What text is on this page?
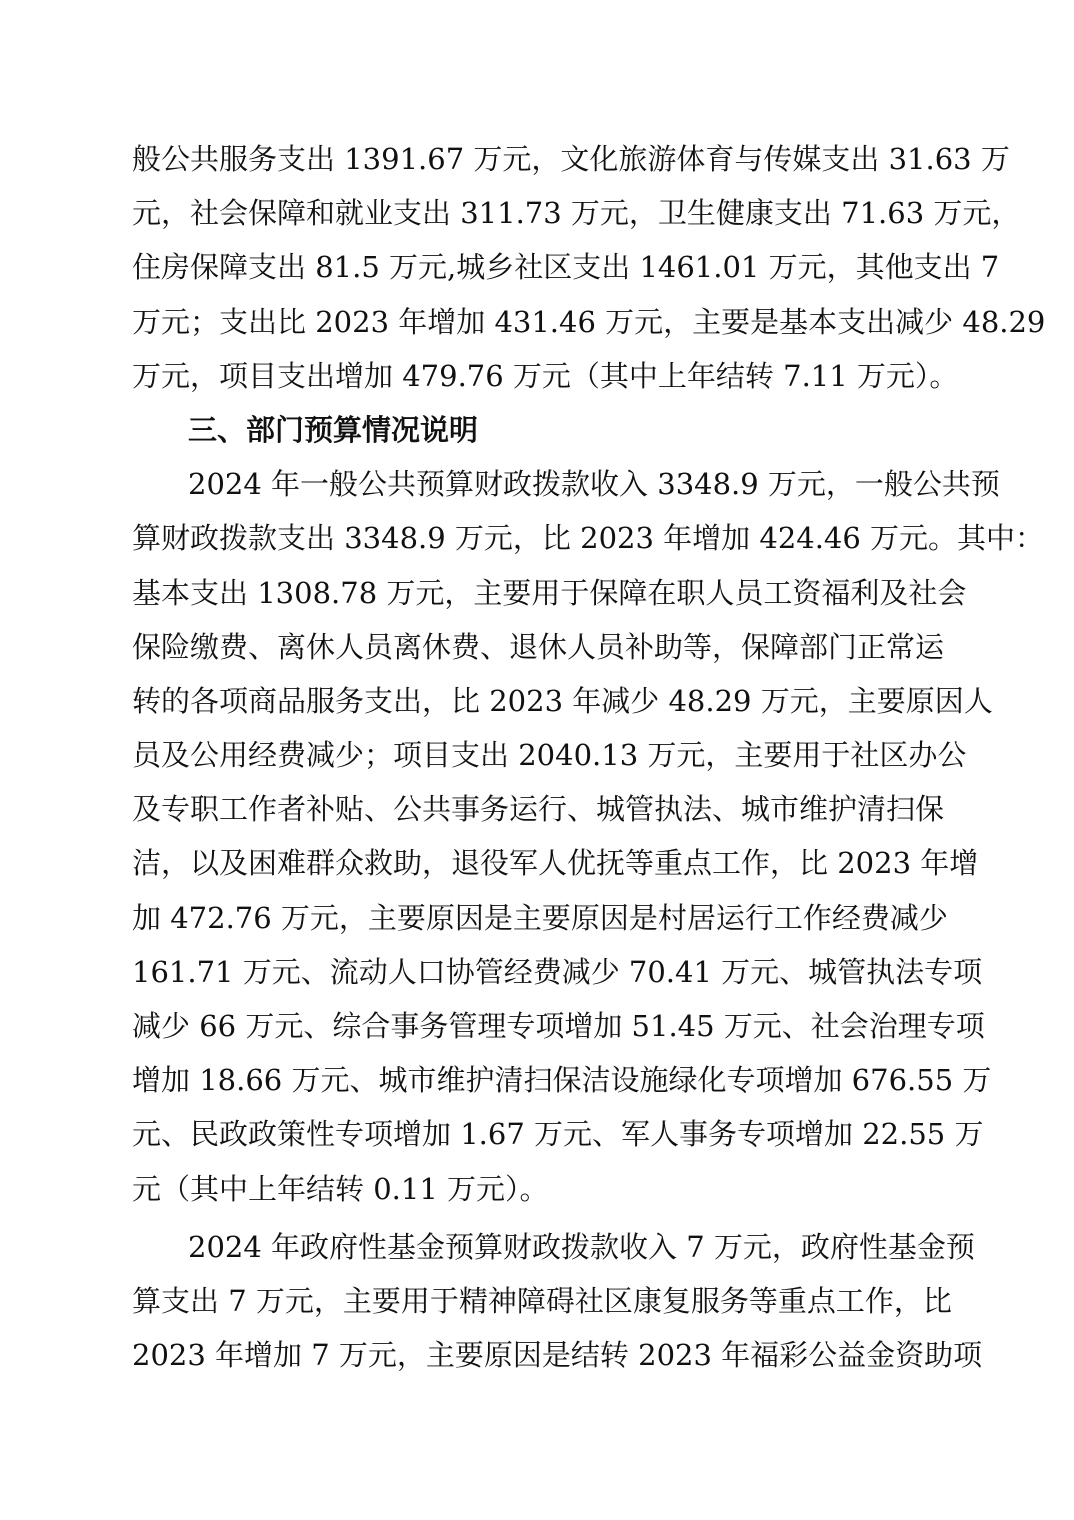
般公共服务支出 1391.67 万元，文化旅游体育与传媒支出 31.63 万
元，社会保障和就业支出 311.73 万元，卫生健康支出 71.63 万元，
住房保障支出 81.5 万元,城乡社区支出 1461.01 万元，其他支出 7
万元；支出比 2023 年增加 431.46 万元，主要是基本支出减少 48.29
万元，项目支出增加 479.76 万元（其中上年结转 7.11 万元）。
三、部门预算情况说明
2024 年一般公共预算财政拨款收入 3348.9 万元，一般公共预
算财政拨款支出 3348.9 万元，比 2023 年增加 424.46 万元。其中：
基本支出 1308.78 万元，主要用于保障在职人员工资福利及社会
保险缴费、离休人员离休费、退休人员补助等，保障部门正常运
转的各项商品服务支出，比 2023 年减少 48.29 万元，主要原因人
员及公用经费减少；项目支出 2040.13 万元，主要用于社区办公
及专职工作者补贴、公共事务运行、城管执法、城市维护清扫保
洁，以及困难群众救助，退役军人优抚等重点工作，比 2023 年增
加 472.76 万元，主要原因是主要原因是村居运行工作经费减少
161.71 万元、流动人口协管经费减少 70.41 万元、城管执法专项
减少 66 万元、综合事务管理专项增加 51.45 万元、社会治理专项
增加 18.66 万元、城市维护清扫保洁设施绿化专项增加 676.55 万
元、民政政策性专项增加 1.67 万元、军人事务专项增加 22.55 万
元（其中上年结转 0.11 万元）。
2024 年政府性基金预算财政拨款收入 7 万元，政府性基金预
算支出 7 万元，主要用于精神障碍社区康复服务等重点工作，比
2023 年增加 7 万元，主要原因是结转 2023 年福彩公益金资助项
